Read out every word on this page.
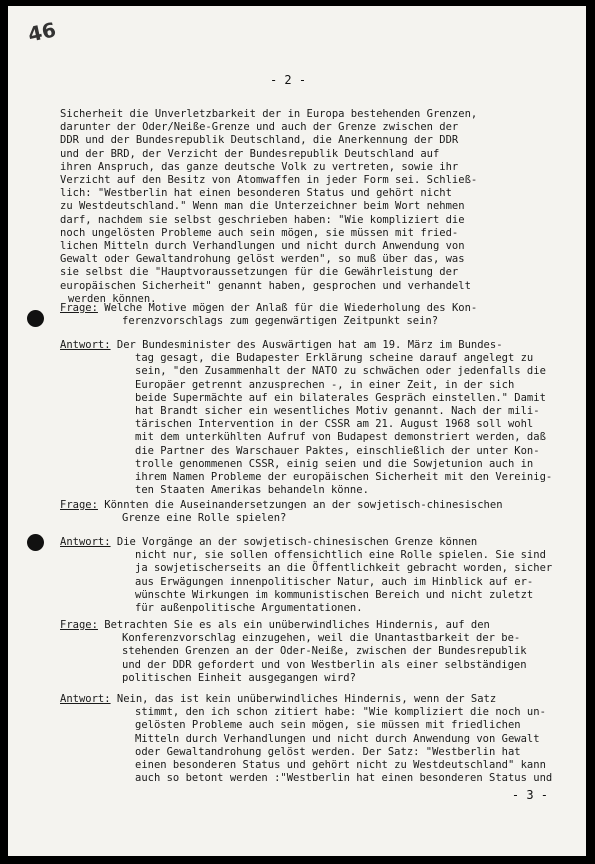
46
- 2 -
Sicherheit die Unverletzbarkeit der in Europa bestehenden Grenzen,
darunter der Oder/Neiße-Grenze und auch der Grenze zwischen der
DDR und der Bundesrepublik Deutschland, die Anerkennung der DDR
und der BRD, der Verzicht der Bundesrepublik Deutschland auf
ihren Anspruch, das ganze deutsche Volk zu vertreten, sowie ihr
Verzicht auf den Besitz von Atomwaffen in jeder Form sei. Schließ-
lich: "Westberlin hat einen besonderen Status und gehört nicht
zu Westdeutschland." Wenn man die Unterzeichner beim Wort nehmen
darf, nachdem sie selbst geschrieben haben: "Wie kompliziert die
noch ungelösten Probleme auch sein mögen, sie müssen mit fried-
lichen Mitteln durch Verhandlungen und nicht durch Anwendung von
Gewalt oder Gewaltandrohung gelöst werden", so muß über das, was
sie selbst die "Hauptvoraussetzungen für die Gewährleistung der
europäischen Sicherheit" genannt haben, gesprochen und verhandelt
werden können.
Frage: Welche Motive mögen der Anlaß für die Wiederholung des Kon-
ferenzvorschlags zum gegenwärtigen Zeitpunkt sein?
Antwort: Der Bundesminister des Auswärtigen hat am 19. März im Bundes-
tag gesagt, die Budapester Erklärung scheine darauf angelegt zu
sein, "den Zusammenhalt der NATO zu schwächen oder jedenfalls die
Europäer getrennt anzusprechen -, in einer Zeit, in der sich
beide Supermächte auf ein bilaterales Gespräch einstellen." Damit
hat Brandt sicher ein wesentliches Motiv genannt. Nach der mili-
tärischen Intervention in der CSSR am 21. August 1968 soll wohl
mit dem unterkühlten Aufruf von Budapest demonstriert werden, daß
die Partner des Warschauer Paktes, einschließlich der unter Kon-
trolle genommenen CSSR, einig seien und die Sowjetunion auch in
ihrem Namen Probleme der europäischen Sicherheit mit den Vereinig-
ten Staaten Amerikas behandeln könne.
Frage: Könnten die Auseinandersetzungen an der sowjetisch-chinesischen
Grenze eine Rolle spielen?
Antwort: Die Vorgänge an der sowjetisch-chinesischen Grenze können
nicht nur, sie sollen offensichtlich eine Rolle spielen. Sie sind
ja sowjetischerseits an die Öffentlichkeit gebracht worden, sicher
aus Erwägungen innenpolitischer Natur, auch im Hinblick auf er-
wünschte Wirkungen im kommunistischen Bereich und nicht zuletzt
für außenpolitische Argumentationen.
Frage: Betrachten Sie es als ein unüberwindliches Hindernis, auf den
Konferenzvorschlag einzugehen, weil die Unantastbarkeit der be-
stehenden Grenzen an der Oder-Neiße, zwischen der Bundesrepublik
und der DDR gefordert und von Westberlin als einer selbständigen
politischen Einheit ausgegangen wird?
Antwort: Nein, das ist kein unüberwindliches Hindernis, wenn der Satz
stimmt, den ich schon zitiert habe: "Wie kompliziert die noch un-
gelösten Probleme auch sein mögen, sie müssen mit friedlichen
Mitteln durch Verhandlungen und nicht durch Anwendung von Gewalt
oder Gewaltandrohung gelöst werden. Der Satz: "Westberlin hat
einen besonderen Status und gehört nicht zu Westdeutschland" kann
auch so betont werden :"Westberlin hat einen besonderen Status und
- 3 -
